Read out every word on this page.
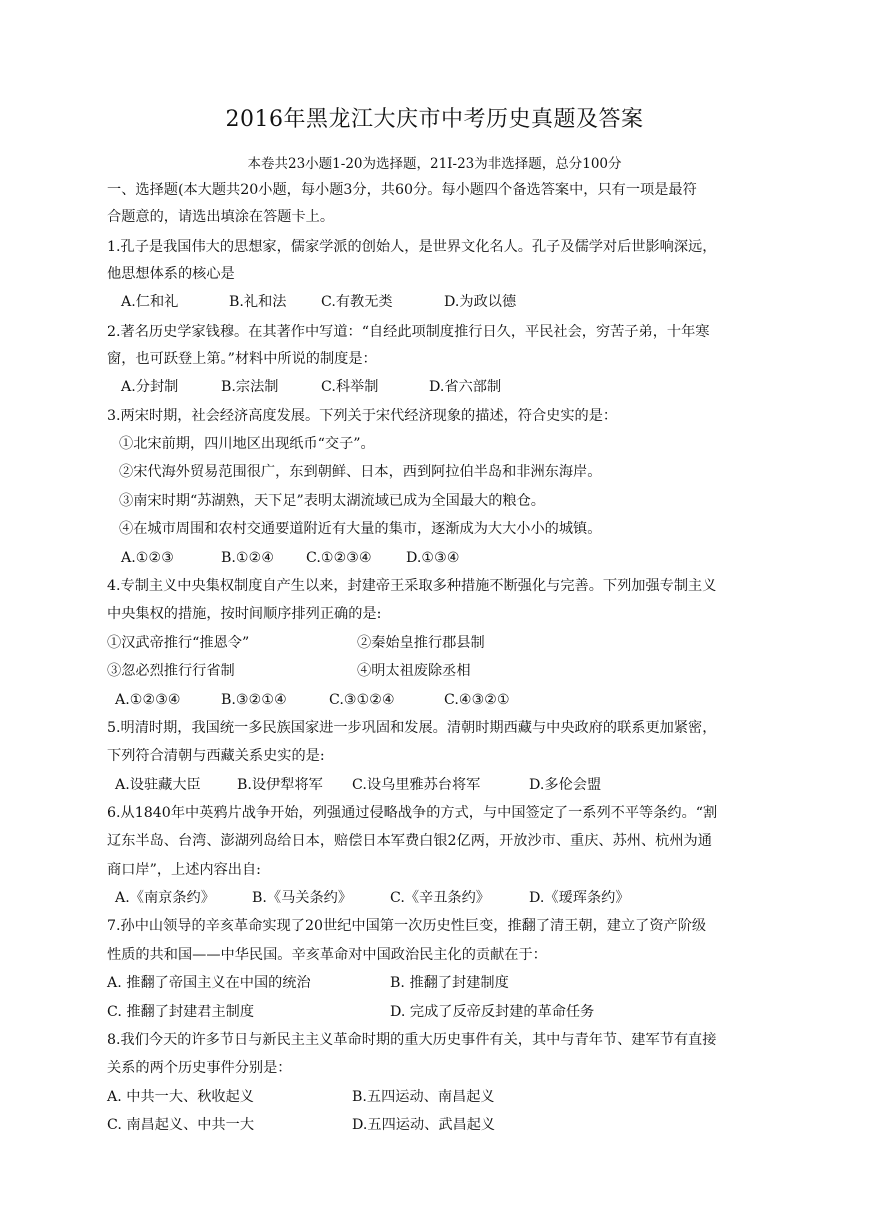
2016年黑龙江大庆市中考历史真题及答案
本卷共23小题1-20为选择题，21I-23为非选择题，总分100分
一、选择题(本大题共20小题，每小题3分，共60分。每小题四个备选答案中，只有一项是最符
合题意的，请选出填涂在答题卡上。
1.孔子是我国伟大的思想家，儒家学派的创始人，是世界文化名人。孔子及儒学对后世影响深远，
他思想体系的核心是
A.仁和礼	B.礼和法 C.有教无类	D.为政以德
2.著名历史学家钱穆。在其著作中写道：“自经此项制度推行日久，平民社会，穷苦子弟，十年寒
窗，也可跃登上第。”材料中所说的制度是：
A.分封制	B.宗法制	C.科举制	D.省六部制
3.两宋时期，社会经济高度发展。下列关于宋代经济现象的描述，符合史实的是：
①北宋前期，四川地区出现纸币“交子”。
②宋代海外贸易范围很广，东到朝鲜、日本，西到阿拉伯半岛和非洲东海岸。
③南宋时期“苏湖熟，天下足”表明太湖流域已成为全国最大的粮仓。
④在城市周围和农村交通要道附近有大量的集市，逐渐成为大大小小的城镇。
A.①②③	B.①②④ C.①②③④ D.①③④
4.专制主义中央集权制度自产生以来，封建帝王采取多种措施不断强化与完善。下列加强专制主义
中央集权的措施，按时间顺序排列正确的是:
①汉武帝推行“推恩令”	②秦始皇推行郡县制
③忽必烈推行行省制	④明太祖废除丞相
A.①②③④	B.③②①④	C.③①②④	C.④③②①
5.明清时期，我国统一多民族国家进一步巩固和发展。清朝时期西藏与中央政府的联系更加紧密，
下列符合清朝与西藏关系史实的是:
A.设驻藏大臣	B.设伊犁将军 C.设乌里雅苏台将军	D.多伦会盟
6.从1840年中英鸦片战争开始，列强通过侵略战争的方式，与中国签定了一系列不平等条约。“割
辽东半岛、台湾、澎湖列岛给日本，赔偿日本军费白银2亿两，开放沙市、重庆、苏州、杭州为通
商口岸”，上述内容出自:
A.《南京条约》	B.《马关条约》	C.《辛丑条约》	D.《瑷珲条约》
7.孙中山领导的辛亥革命实现了20世纪中国第一次历史性巨变，推翻了清王朝，建立了资产阶级
性质的共和国——中华民国。辛亥革命对中国政治民主化的贡献在于：
A. 推翻了帝国主义在中国的统治	B. 推翻了封建制度
C. 推翻了封建君主制度	D. 完成了反帝反封建的革命任务
8.我们今天的许多节日与新民主主义革命时期的重大历史事件有关，其中与青年节、建军节有直接
关系的两个历史事件分别是：
A. 中共一大、秋收起义	B.五四运动、南昌起义
C. 南昌起义、中共一大	D.五四运动、武昌起义
